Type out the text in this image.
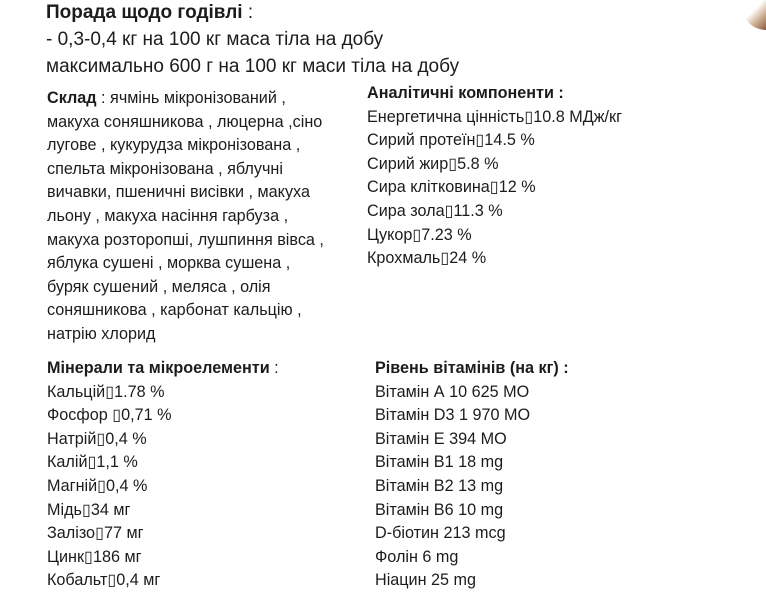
Порада щодо годівлі :
- 0,3-0,4 кг на 100 кг маса тіла на добу
максимально 600 г на 100 кг маси тіла на добу
Склад : ячмінь мікронізований ,
макуха соняшникова , люцерна ,сіно
лугове , кукурудза мікронізована ,
спельта мікронізована , яблучні
вичавки, пшеничні висівки , макуха
льону , макуха насіння гарбуза ,
макуха розторопші, лушпиння вівса ,
яблука сушені , морква сушена ,
буряк сушений , меляса , олія
соняшникова , карбонат кальцію ,
натрію хлорид
Аналітичні компоненти :
Енергетична цінність▯10.8 МДж/кг
Сирий протеїн▯14.5 %
Сирий жир▯5.8 %
Сира клітковина▯12 %
Сира зола▯11.3 %
Цукор▯7.23 %
Крохмаль▯24 %
Мінерали та мікроелементи :
Кальцій▯1.78 %
Фосфор ▯0,71 %
Натрій▯0,4 %
Калій▯1,1 %
Магній▯0,4 %
Мідь▯34 мг
Залізо▯77 мг
Цинк▯186 мг
Кобальт▯0,4 мг
Рівень вітамінів (на кг) :
Вітамін А 10 625 МО
Вітамін D3 1 970 МО
Вітамін Е 394 МО
Вітамін В1 18 mg
Вітамін В2 13 mg
Вітамін В6 10 mg
D-біотин 213 mcg
Фолін 6 mg
Ніацин 25 mg
